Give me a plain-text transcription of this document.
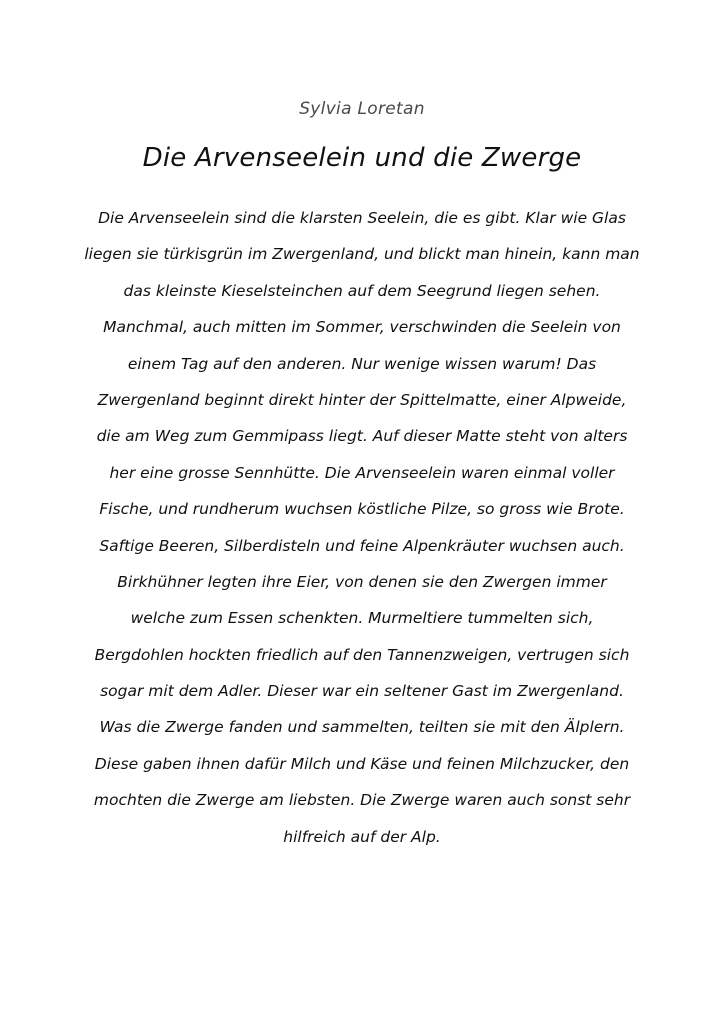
Sylvia Loretan
Die Arvenseelein und die Zwerge
Die Arvenseelein sind die klarsten Seelein, die es gibt. Klar wie Glas
liegen sie türkisgrün im Zwergenland, und blickt man hinein, kann man
das kleinste Kieselsteinchen auf dem Seegrund liegen sehen.
Manchmal, auch mitten im Sommer, verschwinden die Seelein von
einem Tag auf den anderen. Nur wenige wissen warum! Das
Zwergenland beginnt direkt hinter der Spittelmatte, einer Alpweide,
die am Weg zum Gemmipass liegt. Auf dieser Matte steht von alters
her eine grosse Sennhütte. Die Arvenseelein waren einmal voller
Fische, und rundherum wuchsen köstliche Pilze, so gross wie Brote.
Saftige Beeren, Silberdisteln und feine Alpenkräuter wuchsen auch.
Birkhühner legten ihre Eier, von denen sie den Zwergen immer
welche zum Essen schenkten. Murmeltiere tummelten sich,
Bergdohlen hockten friedlich auf den Tannenzweigen, vertrugen sich
sogar mit dem Adler. Dieser war ein seltener Gast im Zwergenland.
Was die Zwerge fanden und sammelten, teilten sie mit den Älplern.
Diese gaben ihnen dafür Milch und Käse und feinen Milchzucker, den
mochten die Zwerge am liebsten. Die Zwerge waren auch sonst sehr
hilfreich auf der Alp.
